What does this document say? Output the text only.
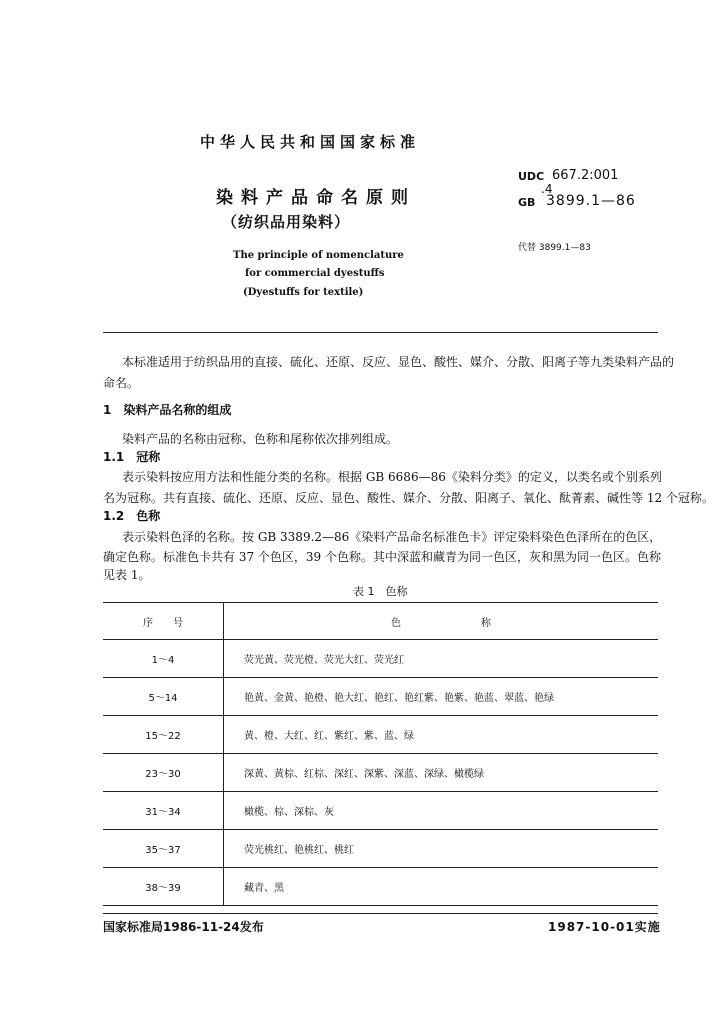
中华人民共和国国家标准
染料产品命名原则
（纺织品用染料）
The principle of nomenclature
for commercial dyestuffs
(Dyestuffs for textile)
UDC 667.2:001
.4
GB 3899.1—86
代替 3899.1—83
本标准适用于纺织品用的直接、硫化、还原、反应、显色、酸性、媒介、分散、阳离子等九类染料产品的
命名。
1　染料产品名称的组成
染料产品的名称由冠称、色称和尾称依次排列组成。
1.1　冠称
表示染料按应用方法和性能分类的名称。根据 GB 6686—86《染料分类》的定义，以类名或个别系列
名为冠称。共有直接、硫化、还原、反应、显色、酸性、媒介、分散、阳离子、氧化、酞菁素、碱性等 12 个冠称。
1.2　色称
表示染料色泽的名称。按 GB 3389.2—86《染料产品命名标准色卡》评定染料染色色泽所在的色区，
确定色称。标准色卡共有 37 个色区，39 个色称。其中深蓝和藏青为同一色区，灰和黑为同一色区。色称
见表 1。
表 1　色称
序　　号	色　　　　　　　　称
1～4	荧光黄、荧光橙、荧光大红、荧光红
5～14	艳黄、金黄、艳橙、艳大红、艳红、艳红紫、艳紫、艳蓝、翠蓝、艳绿
15～22	黄、橙、大红、红、紫红、紫、蓝、绿
23～30	深黄、黄棕、红棕、深红、深紫、深蓝、深绿、橄榄绿
31～34	橄榄、棕、深棕、灰
35～37	荧光桃红、艳桃红、桃红
38～39	藏青、黑
国家标准局1986-11-24发布	1987-10-01实施
